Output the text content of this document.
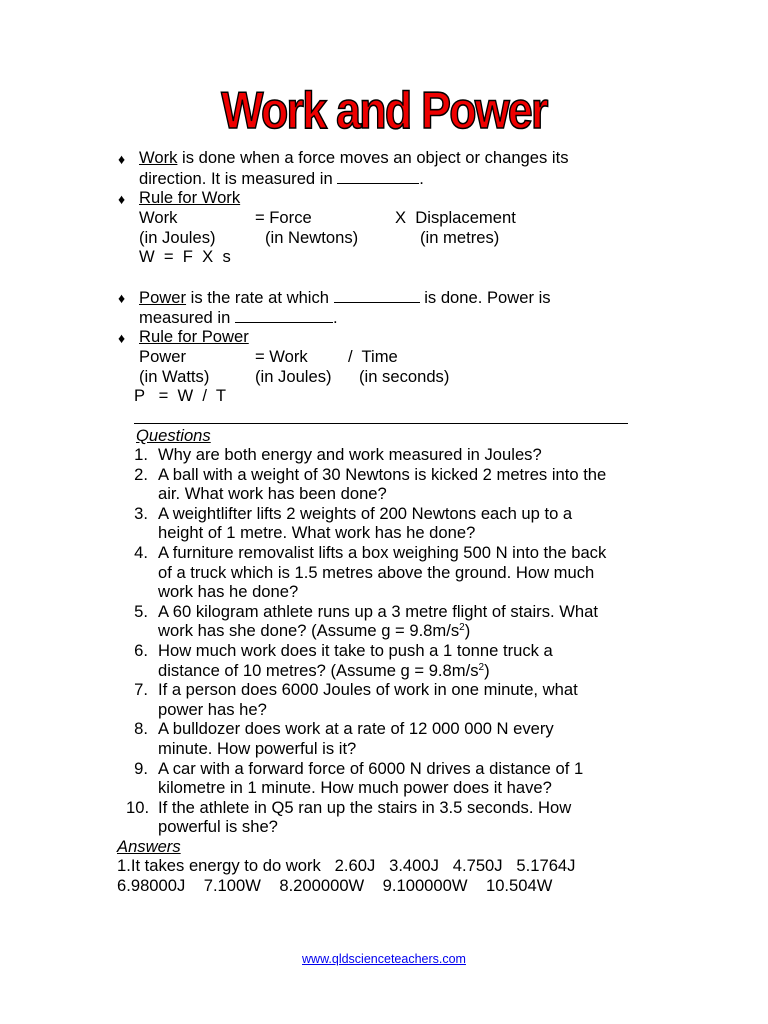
Work and Power
♦ Work is done when a force moves an object or changes its
direction. It is measured in	.
♦ Rule for Work
Work	= Force	X  Displacement
(in Joules)	(in Newtons)	(in metres)
W  =  F  X  s
♦ Power is the rate at which	is done. Power is
measured in	.
♦ Rule for Power
Power	= Work /  Time
(in Watts)	(in Joules) (in seconds)
P   =  W  /  T
Questions
1. Why are both energy and work measured in Joules?
2. A ball with a weight of 30 Newtons is kicked 2 metres into the
air. What work has been done?
3. A weightlifter lifts 2 weights of 200 Newtons each up to a
height of 1 metre. What work has he done?
4. A furniture removalist lifts a box weighing 500 N into the back
of a truck which is 1.5 metres above the ground. How much
work has he done?
5. A 60 kilogram athlete runs up a 3 metre flight of stairs. What
work has she done? (Assume $g = 9.8m/s^2$)
6. How much work does it take to push a 1 tonne truck a
distance of 10 metres? (Assume $g = 9.8m/s^2$)
7. If a person does 6000 Joules of work in one minute, what
power has he?
8. A bulldozer does work at a rate of 12 000 000 N every
minute. How powerful is it?
9. A car with a forward force of 6000 N drives a distance of 1
kilometre in 1 minute. How much power does it have?
10. If the athlete in Q5 ran up the stairs in 3.5 seconds. How
powerful is she?
Answers
1.It takes energy to do work   2.60J   3.400J   4.750J   5.1764J
6.98000J    7.100W    8.200000W    9.100000W    10.504W
www.qldscienceteachers.com
